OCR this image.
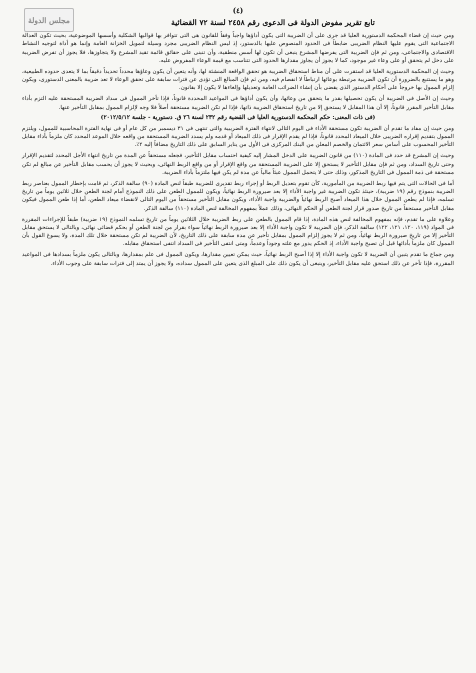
مجلس الدولة
(٤)
تابع تقرير مفوض الدولة فى الدعوى رقم ٢٤٥٨ لسنة ٧٢ القضائية

ومن حيث إن قضاء المحكمة الدستورية العليا قد جرى على أن الضريبة التى يكون أداؤها واجباً وفقاً للقانون هى التى تتوافر بها قوالبها الشكلية وأسسها الموضوعية، بحيث تكون العدالة الاجتماعية التى يقوم عليها النظام الضريبى ضابطاً فى الحدود المنصوص عليها بالدستور، إذ ليس النظام الضريبى مجرد وسيلة لتمويل الخزانة العامة وإنما هو أداة لتوجيه النشاط الاقتصادى والاجتماعى، ومن ثم فإن الضريبة التى يفرضها المشرع ينبغى أن تكون لها أسس منطقية، وأن تنبنى على حقائق قائمة تقيد المشرع ولا يتجاوزها، فلا يجوز أن تفرض الضريبة على دخل لم يتحقق أو على وعاء غير موجود، كما لا يجوز أن يجاوز مقدارها الحدود التى تتناسب مع قيمة الوعاء المفروض عليه.

وحيث إن المحكمة الدستورية العليا قد استقرت على أن مناط استحقاق الضريبة هو تحقق الواقعة المنشئة لها، وأنه يتعين أن يكون وعاؤها محدداً تحديداً دقيقاً بما لا يتعدى حدوده الطبيعية، وهو ما يستتبع بالضرورة أن تكون الضريبة مرتبطة بوعائها ارتباطاً لا انفصام فيه، ومن ثم فإن المبالغ التى تؤدى عن فترات سابقة على تحقق الوعاء لا تعد ضريبة بالمعنى الدستورى، ويكون إلزام الممول بها خروجاً على أحكام الدستور الذى يقضى بأن إنشاء الضرائب العامة وتعديلها وإلغاءها لا يكون إلا بقانون.

وحيث إن الأصل فى الضريبة أن يكون تحصيلها بقدر ما يتحقق من وعائها، وأن يكون أداؤها فى المواعيد المحددة قانوناً، فإذا تأخر الممول فى سداد الضريبة المستحقة عليه التزم بأداء مقابل التأخير المقرر قانوناً، إلا أن هذا المقابل لا يستحق إلا من تاريخ استحقاق الضريبة ذاتها، فإذا لم تكن الضريبة مستحقة أصلاً فلا وجه لإلزام الممول بمقابل التأخير عنها.

(فى ذات المعنى: حكم المحكمة الدستورية العليا فى القضية رقم ٢٣٢ لسنة ٢٦ ق. دستورية - جلسة ٢٠١٢/٥/١٢)

ومن حيث إن مفاد ما تقدم أن الضريبة تكون مستحقة الأداء فى اليوم التالى لانتهاء الفترة الضريبية والتى تنتهى فى ٣١ ديسمبر من كل عام أو فى نهاية الفترة المحاسبية للممول، ويلتزم الممول بتقديم إقراره الضريبى خلال الميعاد المحدد قانوناً، فإذا لم يقدم الإقرار فى ذلك الميعاد أو قدمه ولم يسدد الضريبة المستحقة من واقعه خلال الموعد المحدد كان ملزماً بأداء مقابل التأخير المحسوب على أساس سعر الائتمان والخصم المعلن من البنك المركزى فى الأول من يناير السابق على ذلك التاريخ مضافاً إليه ٢٪.

وحيث إن المشرع قد حدد فى المادة (١١٠) من قانون الضريبة على الدخل المشار إليه كيفية احتساب مقابل التأخير، فجعله مستحقاً عن المدة من تاريخ انتهاء الأجل المحدد لتقديم الإقرار وحتى تاريخ السداد، ومن ثم فإن مقابل التأخير لا يستحق إلا على الضريبة المستحقة من واقع الإقرار أو من واقع الربط النهائى، وبحيث لا يجوز أن يحسب مقابل التأخير عن مبالغ لم تكن مستحقة فى ذمة الممول فى التاريخ المذكور، وذلك حتى لا يتحمل الممول عبئاً مالياً عن مدة لم يكن فيها ملتزماً بأداء الضريبة.

أما فى الحالات التى يتم فيها ربط الضريبة من المأمورية، كأن تقوم بتعديل الربط أو إجراء ربط تقديرى للضريبة طبقاً لنص المادة (٩٠) سالفة الذكر، ثم قامت بإخطار الممول بعناصر ربط الضريبة بنموذج رقم (١٩ ضريبة)، حينئذ تكون الضريبة غير واجبة الأداء إلا بعد صيرورة الربط نهائياً، ويكون للممول الطعن على ذلك النموذج أمام لجنة الطعن خلال ثلاثين يوماً من تاريخ تسلمه، فإذا لم يطعن الممول خلال هذا الميعاد أصبح الربط نهائياً والضريبة واجبة الأداء، ويكون مقابل التأخير مستحقاً من اليوم التالى لانقضاء ميعاد الطعن، أما إذا طعن الممول فيكون مقابل التأخير مستحقاً من تاريخ صدور قرار لجنة الطعن أو الحكم النهائى، وذلك عملاً بمفهوم المخالفة لنص المادة (١١٠) سالفة الذكر.

وعلاوة على ما تقدم، فإنه بمفهوم المخالفة لنص هذه المادة، إذا قام الممول بالطعن على ربط الضريبة خلال الثلاثين يوماً من تاريخ تسلمه النموذج (١٩ ضريبة) طبقاً للإجراءات المقررة فى المواد (١١٩، ١٢٠، ١٢١، ١٢٢) سالفة الذكر، فإن الضريبة لا تكون واجبة الأداء إلا بعد صيرورة الربط نهائياً سواء بقرار من لجنة الطعن أو بحكم قضائى نهائى، وبالتالى لا يستحق مقابل التأخير إلا من تاريخ صيرورة الربط نهائياً، ومن ثم لا يجوز إلزام الممول بمقابل تأخير عن مدة سابقة على ذلك التاريخ، لأن الضريبة لم تكن مستحقة خلال تلك المدة، ولا يسوغ القول بأن الممول كان ملزماً بأدائها قبل أن تصبح واجبة الأداء، إذ الحكم يدور مع علته وجوداً وعدماً، ومتى انتفى التأخير فى السداد انتفى استحقاق مقابله.

ومن جماع ما تقدم يتبين أن الضريبة لا تكون واجبة الأداء إلا إذا أصبح الربط نهائياً، حيث يمكن تعيين مقدارها، ويكون الممول فى علم بمقدارها، وبالتالى يكون ملزماً بسدادها فى المواعيد المقررة، فإذا تأخر عن ذلك استحق عليه مقابل التأخير، وينبغى أن يكون ذلك على المبلغ الذى يتعين على الممول سداده، ولا يجوز أن يمتد إلى فترات سابقة على وجوب الأداء.
